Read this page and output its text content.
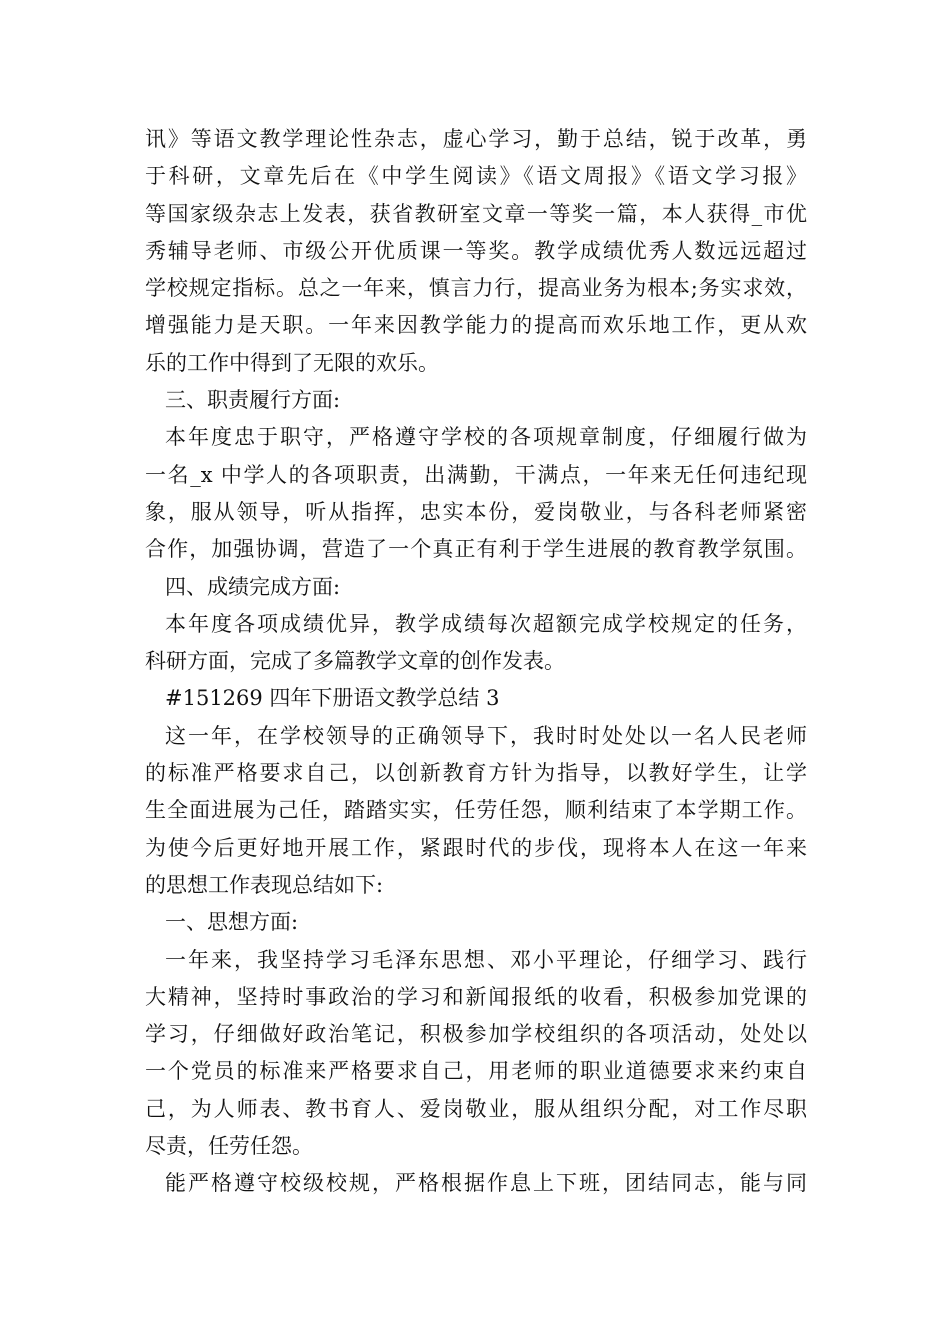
讯》等语文教学理论性杂志，虚心学习，勤于总结，锐于改革，勇
于科研，文章先后在《中学生阅读》《语文周报》《语文学习报》
等国家级杂志上发表，获省教研室文章一等奖一篇，本人获得_市优
秀辅导老师、市级公开优质课一等奖。教学成绩优秀人数远远超过
学校规定指标。总之一年来，慎言力行，提高业务为根本;务实求效，
增强能力是天职。一年来因教学能力的提高而欢乐地工作，更从欢
乐的工作中得到了无限的欢乐。
三、职责履行方面:
本年度忠于职守，严格遵守学校的各项规章制度，仔细履行做为
一名_x 中学人的各项职责，出满勤，干满点，一年来无任何违纪现
象，服从领导，听从指挥，忠实本份，爱岗敬业，与各科老师紧密
合作，加强协调，营造了一个真正有利于学生进展的教育教学氛围。
四、成绩完成方面:
本年度各项成绩优异，教学成绩每次超额完成学校规定的任务，
科研方面，完成了多篇教学文章的创作发表。
#151269 四年下册语文教学总结 3
这一年，在学校领导的正确领导下，我时时处处以一名人民老师
的标准严格要求自己，以创新教育方针为指导，以教好学生，让学
生全面进展为己任，踏踏实实，任劳任怨，顺利结束了本学期工作。
为使今后更好地开展工作，紧跟时代的步伐，现将本人在这一年来
的思想工作表现总结如下:
一、思想方面:
一年来，我坚持学习毛泽东思想、邓小平理论，仔细学习、践行
大精神，坚持时事政治的学习和新闻报纸的收看，积极参加党课的
学习，仔细做好政治笔记，积极参加学校组织的各项活动，处处以
一个党员的标准来严格要求自己，用老师的职业道德要求来约束自
己，为人师表、教书育人、爱岗敬业，服从组织分配，对工作尽职
尽责，任劳任怨。
能严格遵守校级校规，严格根据作息上下班，团结同志，能与同
